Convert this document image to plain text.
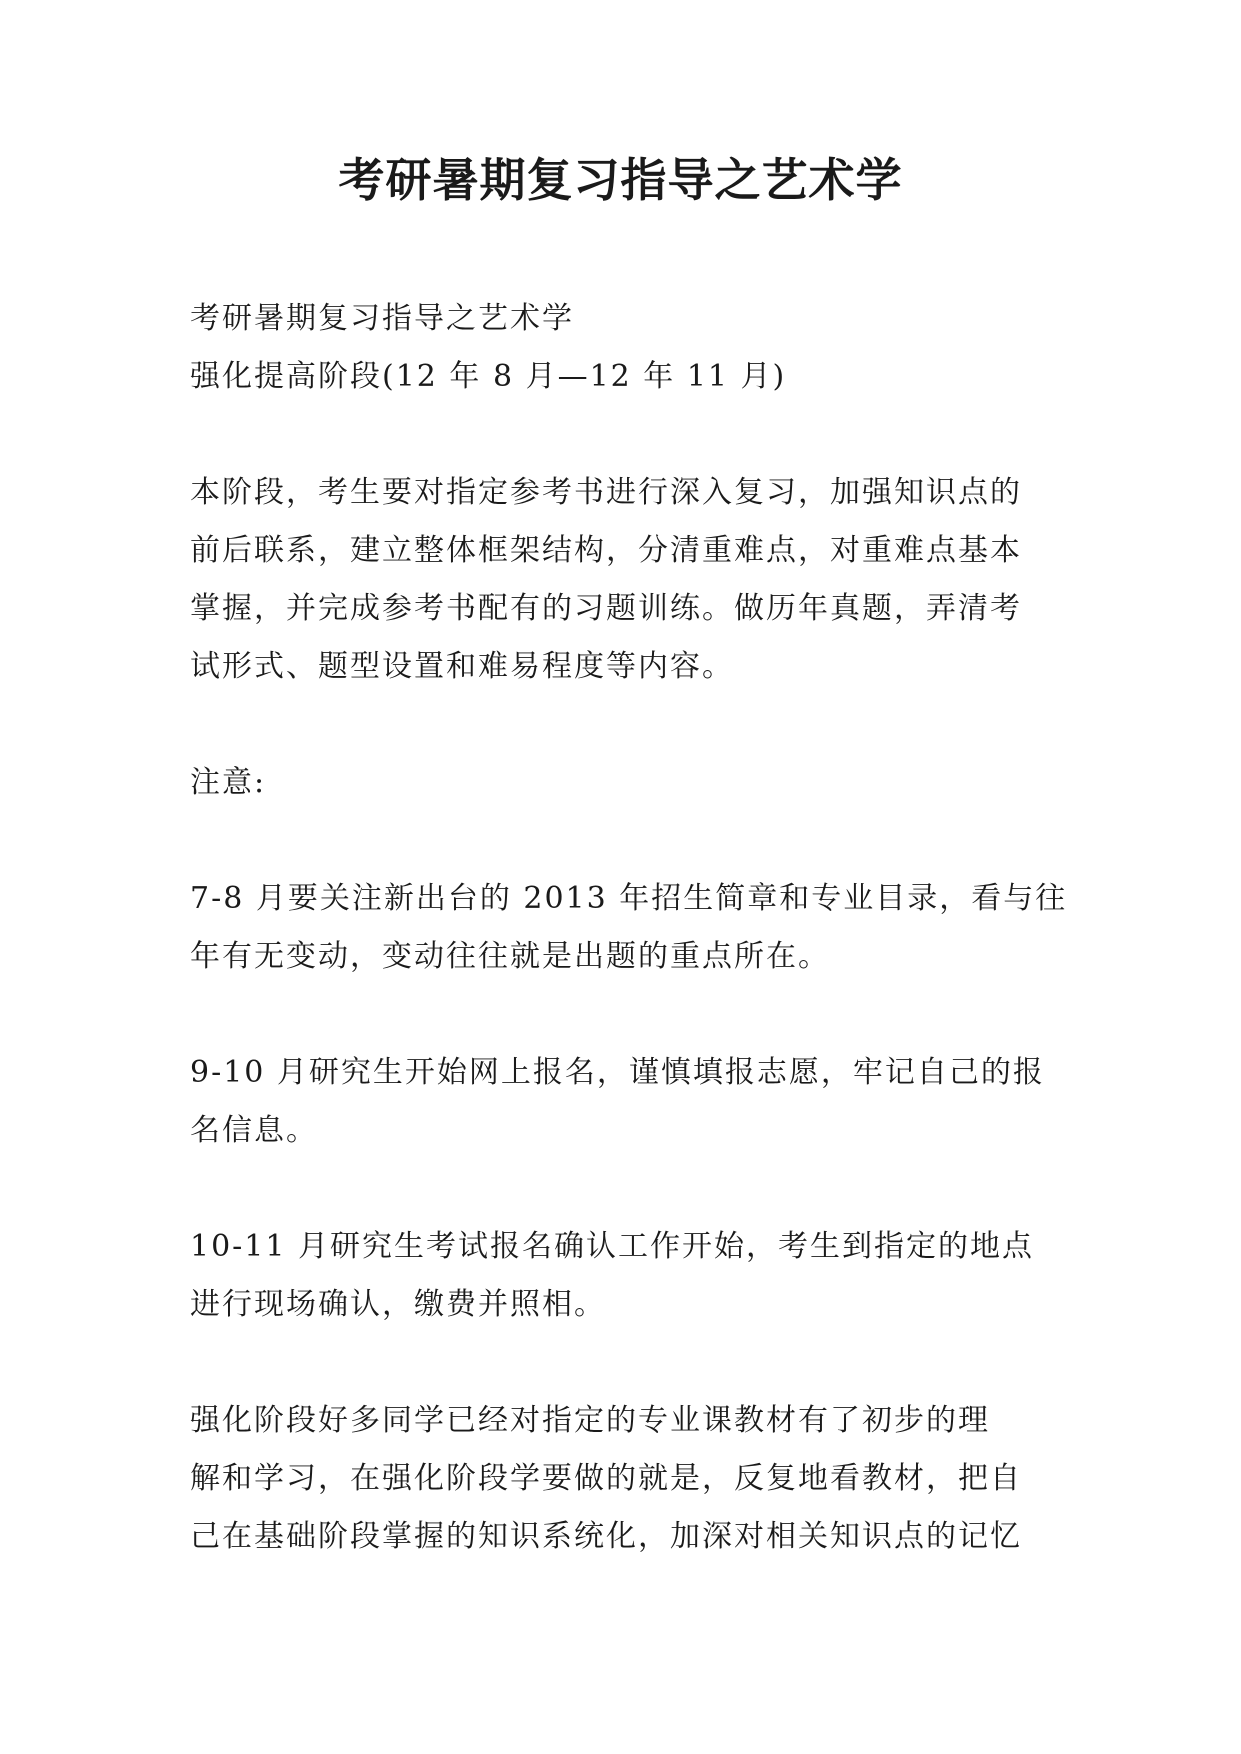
考研暑期复习指导之艺术学
考研暑期复习指导之艺术学
强化提高阶段(12 年 8 月—12 年 11 月)
本阶段，考生要对指定参考书进行深入复习，加强知识点的
前后联系，建立整体框架结构，分清重难点，对重难点基本
掌握，并完成参考书配有的习题训练。做历年真题，弄清考
试形式、题型设置和难易程度等内容。
注意:
7-8 月要关注新出台的 2013 年招生简章和专业目录，看与往
年有无变动，变动往往就是出题的重点所在。
9-10 月研究生开始网上报名，谨慎填报志愿，牢记自己的报
名信息。
10-11 月研究生考试报名确认工作开始，考生到指定的地点
进行现场确认，缴费并照相。
强化阶段好多同学已经对指定的专业课教材有了初步的理
解和学习，在强化阶段学要做的就是，反复地看教材，把自
己在基础阶段掌握的知识系统化，加深对相关知识点的记忆
